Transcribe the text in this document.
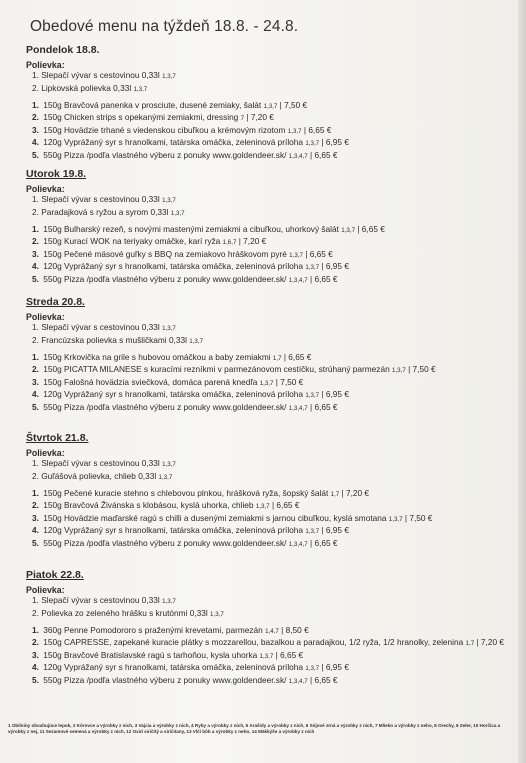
Obedové menu na týždeň 18.8. - 24.8.
Pondelok 18.8.
Polievka:
1. Slepačí vývar s cestovinou 0,33l 1,3,7
2. Lipkovská polievka 0,33l 1,3,7
1. 150g Bravčová panenka v prosciute, dusené zemiaky, šalát 1,3,7 | 7,50 €
2. 150g Chicken strips s opekanými zemiakmi, dressing 7 | 7,20 €
3. 150g Hovädzie trhané s viedenskou cibuľkou a krémovým rizotom 1,3,7 | 6,65 €
4. 120g Vyprážaný syr s hranolkami, tatárska omáčka, zeleninová príloha 1,3,7 | 6,95 €
5. 550g Pizza /podľa vlastného výberu z ponuky www.goldendeer.sk/ 1,3,4,7 | 6,65 €
Utorok 19.8.
Polievka:
1. Slepačí vývar s cestovinou 0,33l 1,3,7
2. Paradajková s ryžou a syrom 0,33l 1,3,7
1. 150g Bulharský rezeň, s novými mastenými zemiakmi a cibuľkou, uhorkový šalát 1,3,7 | 6,65 €
2. 150g Kurací WOK na teriyaky omáčke, karí ryža 1,6,7 | 7,20 €
3. 150g Pečené mäsové guľky s BBQ na zemiakovo hráškovom pyré 1,3,7 | 6,65 €
4. 120g Vyprážaný syr s hranolkami, tatárska omáčka, zeleninová príloha 1,3,7 | 6,95 €
5. 550g Pizza /podľa vlastného výberu z ponuky www.goldendeer.sk/ 1,3,4,7 | 6,65 €
Streda 20.8.
Polievka:
1. Slepačí vývar s cestovinou 0,33l 1,3,7
2. Francúzska polievka s mušličkami 0,33l 1,3,7
1. 150g Krkovička na grile s hubovou omáčkou a baby zemiakmi 1,7 | 6,65 €
2. 150g PICATTA MILANESE s kuracími rezníkmi v parmezánovom cestíčku, strúhaný parmezán 1,3,7 | 7,50 €
3. 150g Falošná hovädzia sviečková, domáca parená knedľa 1,3,7 | 7,50 €
4. 120g Vyprážaný syr s hranolkami, tatárska omáčka, zeleninová príloha 1,3,7 | 6,95 €
5. 550g Pizza /podľa vlastného výberu z ponuky www.goldendeer.sk/ 1,3,4,7 | 6,65 €
Štvrtok 21.8.
Polievka:
1. Slepačí vývar s cestovinou 0,33l 1,3,7
2. Guľášová polievka, chlieb 0,33l 1,3,7
1. 150g Pečené kuracie stehno s chlebovou plnkou, hrášková ryža, šopský šalát 1,7 | 7,20 €
2. 150g Bravčová Živánska s klobásou, kyslá uhorka, chlieb 1,3,7 | 6,65 €
3. 150g Hovädzie maďarské ragú s chilli a dusenými zemiakmi s jarnou cibuľkou, kyslá smotana 1,3,7 | 7,50 €
4. 120g Vyprážaný syr s hranolkami, tatárska omáčka, zeleninová príloha 1,3,7 | 6,95 €
5. 550g Pizza /podľa vlastného výberu z ponuky www.goldendeer.sk/ 1,3,4,7 | 6,65 €
Piatok 22.8.
Polievka:
1. Slepačí vývar s cestovinou 0,33l 1,3,7
2. Polievka zo zeleného hrášku s krutónmi 0,33l 1,3,7
1. 360g Penne Pomodororo s praženými krevetami, parmezán 1,4,7 | 8,50 €
2. 150g CAPRESSE, zapekané kuracie plátky s mozzarellou, bazalkou a paradajkou, 1/2 ryža, 1/2 hranolky, zelenina 1,7 | 7,20 €
3. 150g Bravčové Bratislavské ragú s tarhoňou, kysla uhorka 1,3,7 | 6,65 €
4. 120g Vyprážaný syr s hranolkami, tatárska omáčka, zeleninová príloha 1,3,7 | 6,95 €
5. 550g Pizza /podľa vlastného výberu z ponuky www.goldendeer.sk/ 1,3,4,7 | 6,65 €
1 Obilniny obsahujúce lepok, 2 Kôrovce a výrobky z nich, 3 Vajcia a výrobky z nich, 4 Ryby a výrobky z nich, 5 Arašidy a výrobky z nich, 6 Sójové zrná a výrobky z nich, 7 Mlieko a výrobky z neho, 8 Orechy, 9 Zeler, 10 Horčica a výrobky z nej, 11 Sezamové semená a výrobky z nich, 12 Oxid siričitý a siričitany, 13 Vlčí bôb a výrobky z neho, 14 Mäkkýše a výrobky z nich
